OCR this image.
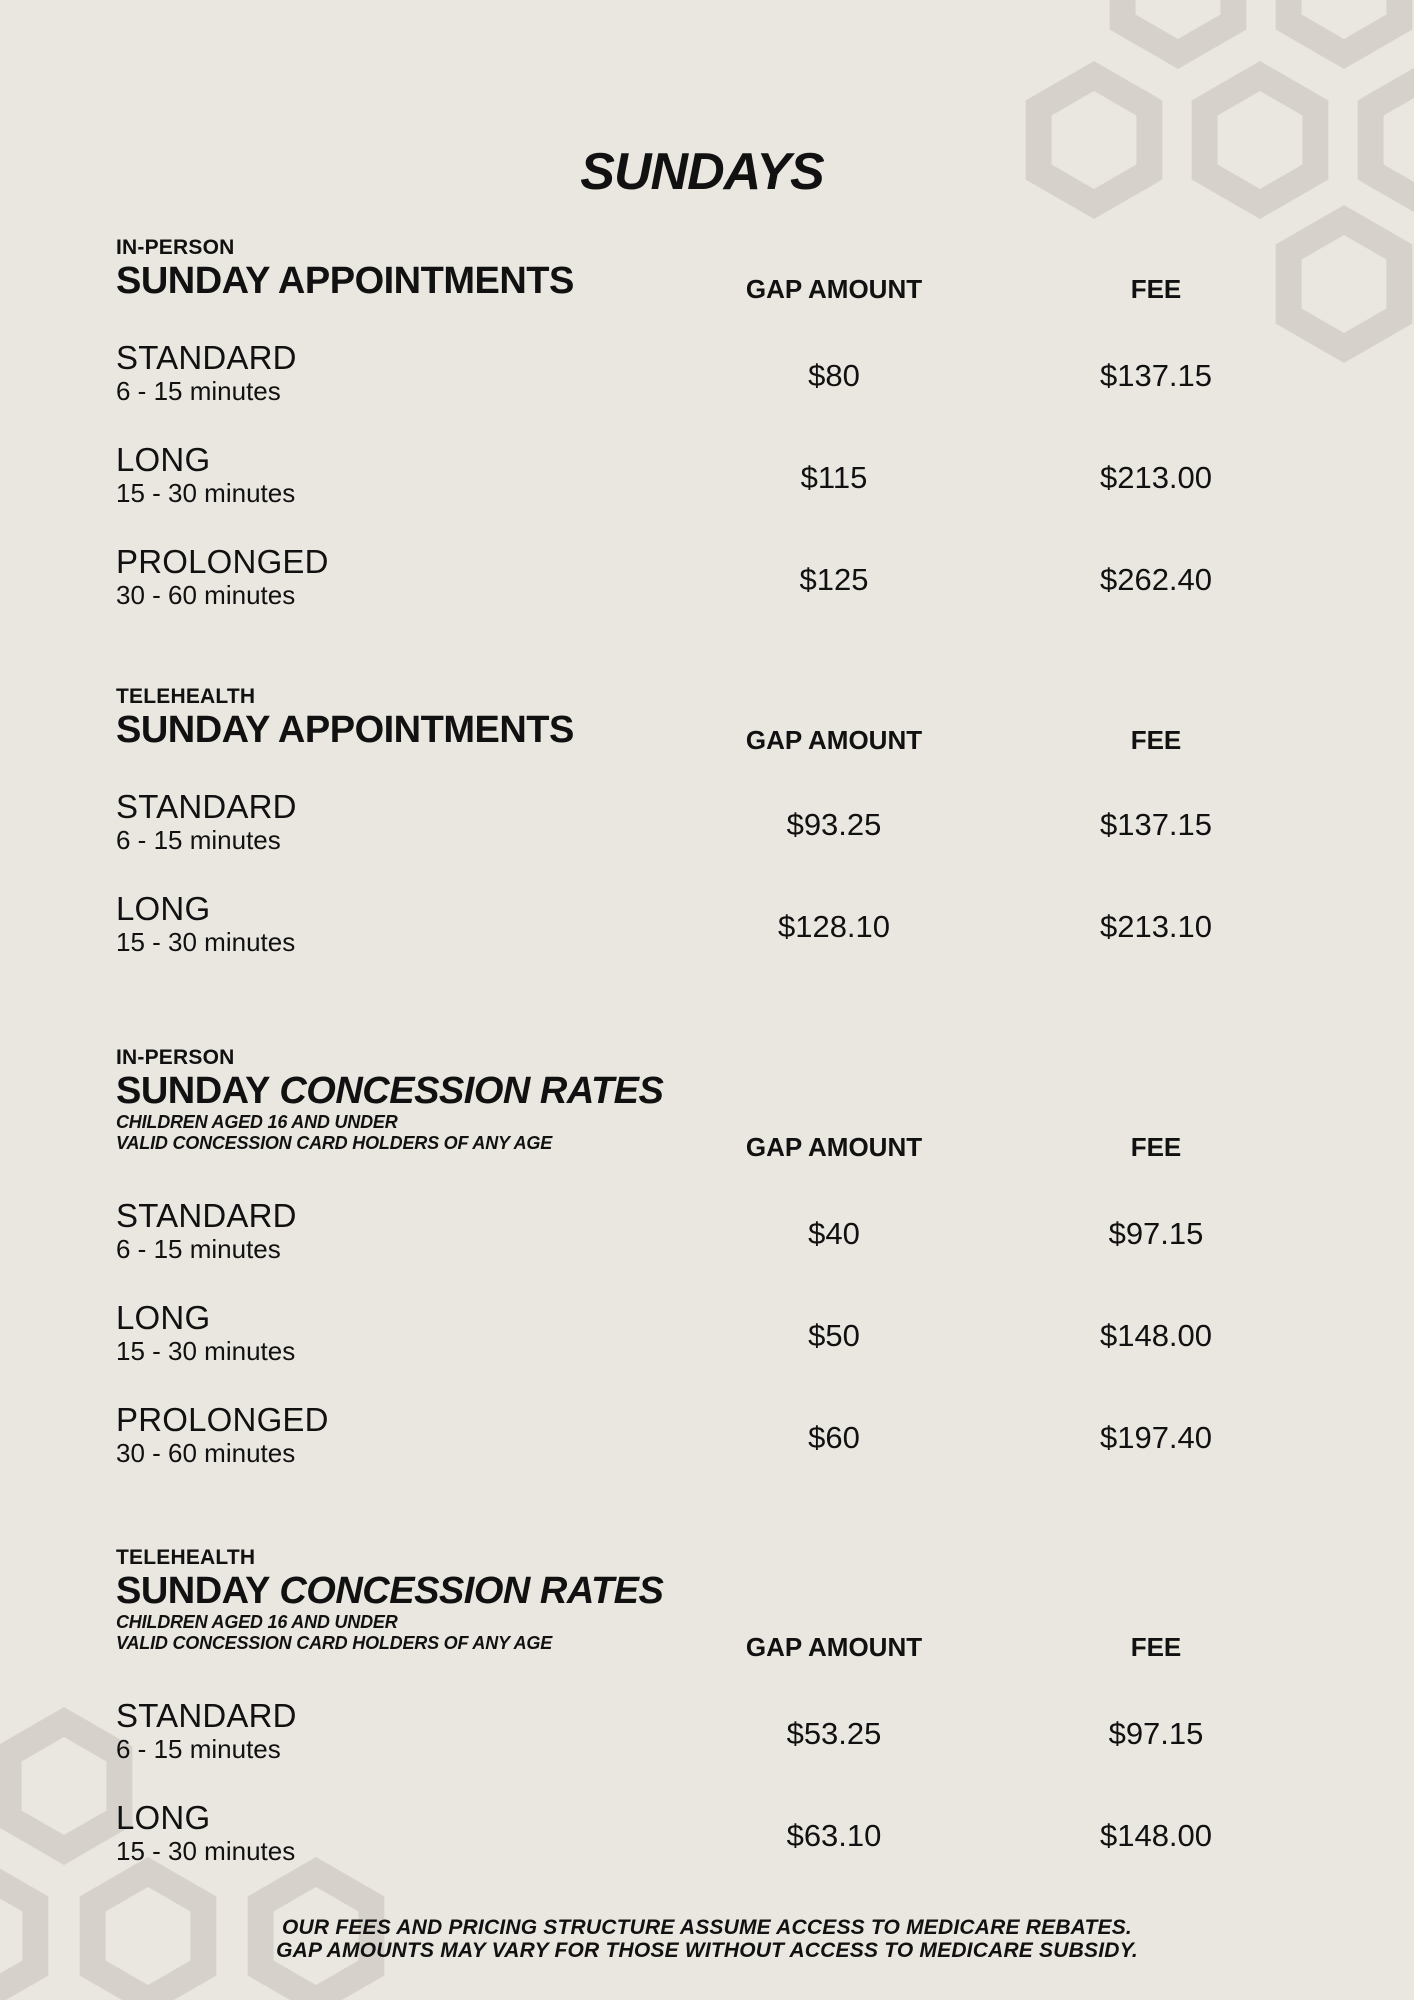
SUNDAYS
IN-PERSON
SUNDAY APPOINTMENTS	GAP AMOUNT	FEE
STANDARD
6 - 15 minutes	$80	$137.15
LONG
15 - 30 minutes	$115	$213.00
PROLONGED
30 - 60 minutes	$125	$262.40
TELEHEALTH
SUNDAY APPOINTMENTS	GAP AMOUNT	FEE
STANDARD
6 - 15 minutes	$93.25	$137.15
LONG
15 - 30 minutes	$128.10	$213.10
IN-PERSON
SUNDAY CONCESSION RATES
CHILDREN AGED 16 AND UNDER
VALID CONCESSION CARD HOLDERS OF ANY AGE	GAP AMOUNT	FEE
STANDARD
6 - 15 minutes	$40	$97.15
LONG
15 - 30 minutes	$50	$148.00
PROLONGED
30 - 60 minutes	$60	$197.40
TELEHEALTH
SUNDAY CONCESSION RATES
CHILDREN AGED 16 AND UNDER
VALID CONCESSION CARD HOLDERS OF ANY AGE	GAP AMOUNT	FEE
STANDARD
6 - 15 minutes	$53.25	$97.15
LONG
15 - 30 minutes	$63.10	$148.00
OUR FEES AND PRICING STRUCTURE ASSUME ACCESS TO MEDICARE REBATES.
GAP AMOUNTS MAY VARY FOR THOSE WITHOUT ACCESS TO MEDICARE SUBSIDY.
